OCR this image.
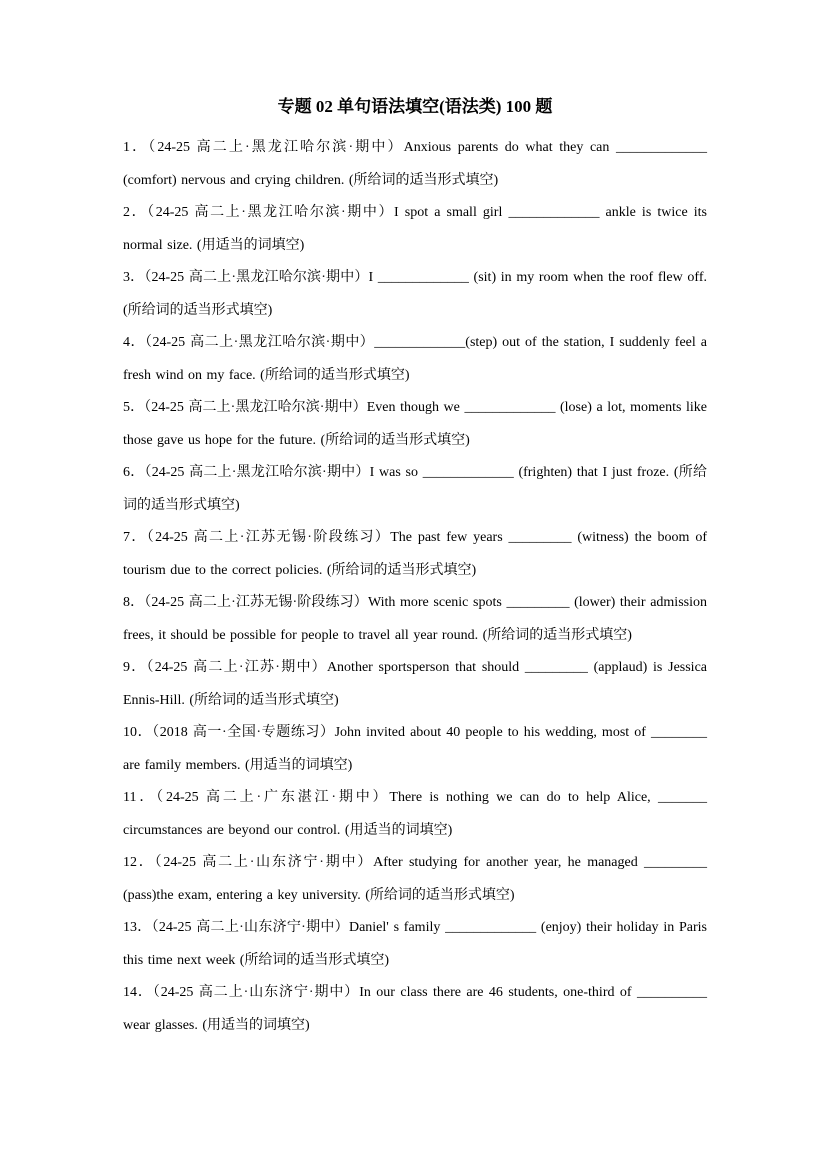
专题 02 单句语法填空(语法类) 100 题

1．（24-25 高二上·黑龙江哈尔滨·期中）Anxious parents do what they can _____________ (comfort) nervous and crying children. (所给词的适当形式填空)

2．（24-25 高二上·黑龙江哈尔滨·期中）I spot a small girl _____________ ankle is twice its normal size. (用适当的词填空)

3．（24-25 高二上·黑龙江哈尔滨·期中）I _____________ (sit) in my room when the roof flew off. (所给词的适当形式填空)

4．（24-25 高二上·黑龙江哈尔滨·期中）_____________(step) out of the station, I suddenly feel a fresh wind on my face. (所给词的适当形式填空)

5．（24-25 高二上·黑龙江哈尔滨·期中）Even though we _____________ (lose) a lot, moments like those gave us hope for the future. (所给词的适当形式填空)

6．（24-25 高二上·黑龙江哈尔滨·期中）I was so _____________ (frighten) that I just froze. (所给词的适当形式填空)

7．（24-25 高二上·江苏无锡·阶段练习）The past few years _________ (witness) the boom of tourism due to the correct policies. (所给词的适当形式填空)

8．（24-25 高二上·江苏无锡·阶段练习）With more scenic spots _________ (lower) their admission frees, it should be possible for people to travel all year round. (所给词的适当形式填空)

9．（24-25 高二上·江苏·期中）Another sportsperson that should _________ (applaud) is Jessica Ennis-Hill. (所给词的适当形式填空)

10．（2018 高一·全国·专题练习）John invited about 40 people to his wedding, most of ________ are family members. (用适当的词填空)

11．（24-25 高二上·广东湛江·期中）There is nothing we can do to help Alice, _______ circumstances are beyond our control. (用适当的词填空)

12．（24-25 高二上·山东济宁·期中）After studying for another year, he managed _________ (pass)the exam, entering a key university. (所给词的适当形式填空)

13．（24-25 高二上·山东济宁·期中）Daniel' s family _____________ (enjoy) their holiday in Paris this time next week (所给词的适当形式填空)

14．（24-25 高二上·山东济宁·期中）In our class there are 46 students, one-third of __________ wear glasses. (用适当的词填空)
